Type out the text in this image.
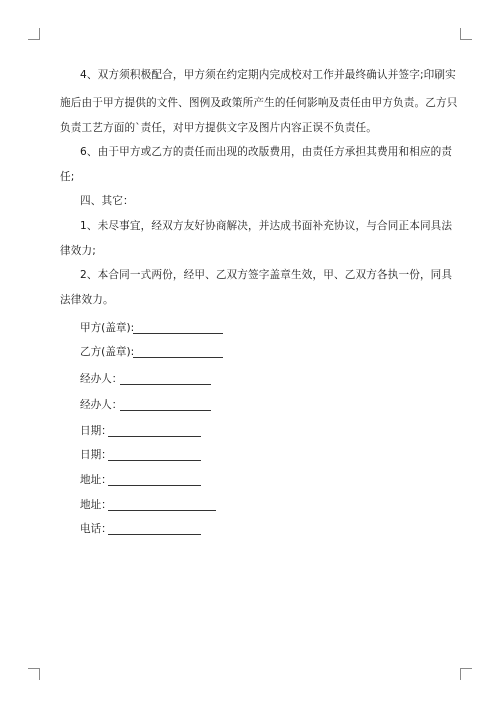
4、双方须积极配合，甲方须在约定期内完成校对工作并最终确认并签字;印刷实
施后由于甲方提供的文件、图例及政策所产生的任何影响及责任由甲方负责。乙方只
负责工艺方面的`责任，对甲方提供文字及图片内容正误不负责任。
6、由于甲方或乙方的责任而出现的改版费用，由责任方承担其费用和相应的责
任;
四、其它：
1、未尽事宜，经双方友好协商解决，并达成书面补充协议，与合同正本同具法
律效力;
2、本合同一式两份，经甲、乙双方签字盖章生效，甲、乙双方各执一份，同具
法律效力。
甲方(盖章):
乙方(盖章):
经办人：
经办人：
日期：
日期：
地址：
地址：
电话：
